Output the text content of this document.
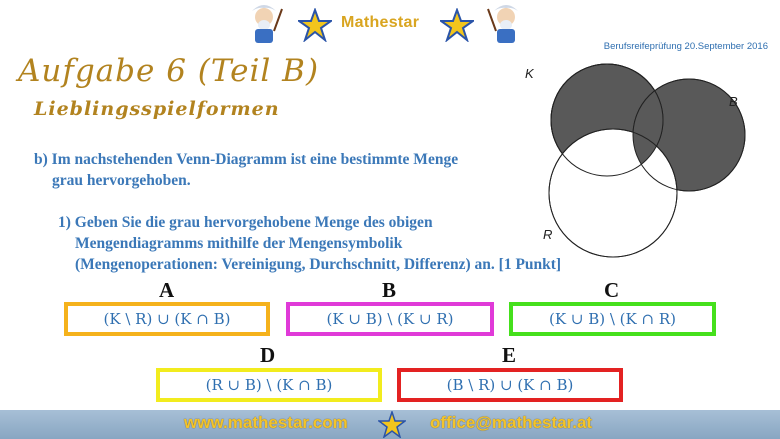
Mathestar
Berufsreifeprüfung 20.September 2016
Aufgabe 6 (Teil B)
Lieblingsspielformen
b) Im nachstehenden Venn-Diagramm ist eine bestimmte Menge
grau hervorgehoben.
1) Geben Sie die grau hervorgehobene Menge des obigen
Mengendiagramms mithilfe der Mengensymbolik
(Mengenoperationen: Vereinigung, Durchschnitt, Differenz) an. [1 Punkt]
K
B
R
A
(K \ R) ∪ (K ∩ B)
B
(K ∪ B) \ (K ∪ R)
C
(K ∪ B) \ (K ∩ R)
D
(R ∪ B) \ (K ∩ B)
E
(B \ R) ∪ (K ∩ B)
www.mathestar.com	office@mathestar.at
